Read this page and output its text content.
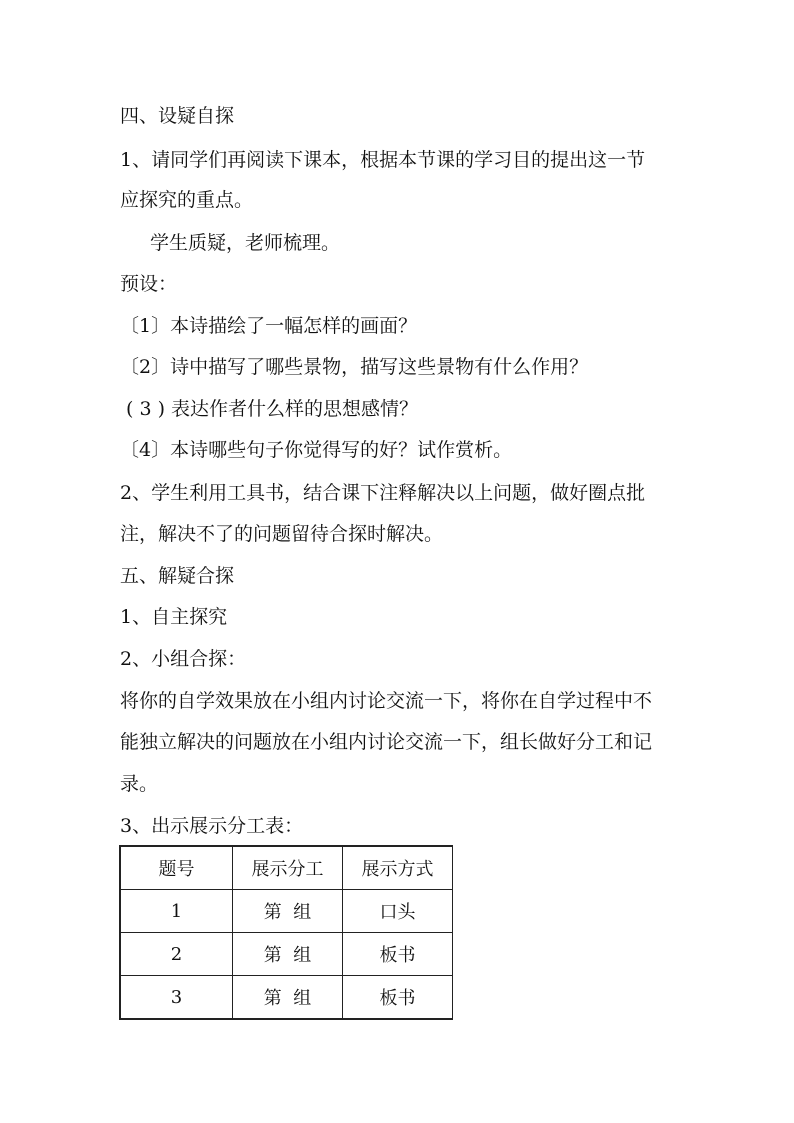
四、设疑自探
1、请同学们再阅读下课本，根据本节课的学习目的提出这一节
应探究的重点。
学生质疑，老师梳理。
预设：
〔1〕本诗描绘了一幅怎样的画面？
〔2〕诗中描写了哪些景物，描写这些景物有什么作用？
( 3 ) 表达作者什么样的思想感情？
〔4〕本诗哪些句子你觉得写的好？试作赏析。
2、学生利用工具书，结合课下注释解决以上问题，做好圈点批
注，解决不了的问题留待合探时解决。
五、解疑合探
1、自主探究
2、小组合探：
将你的自学效果放在小组内讨论交流一下，将你在自学过程中不
能独立解决的问题放在小组内讨论交流一下，组长做好分工和记
录。
3、出示展示分工表：
题号	展示分工	展示方式
1	第  组	口头
2	第  组	板书
3	第  组	板书
